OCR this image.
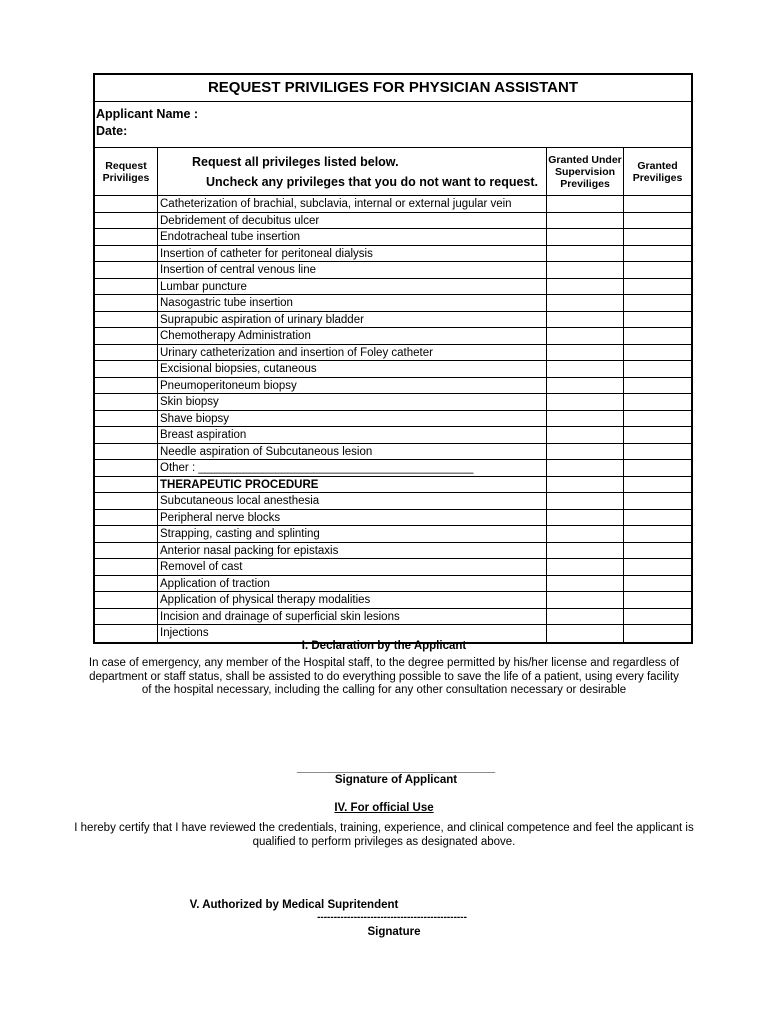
REQUEST PRIVILIGES FOR PHYSICIAN ASSISTANT
Applicant Name :
Date:
Request Priviliges
Request all privileges listed below.
Uncheck any privileges that you do not want to request.
Granted Under Supervision Previliges
Granted Previliges
Catheterization of brachial, subclavia, internal or external jugular vein
Debridement of decubitus ulcer
Endotracheal tube insertion
Insertion of catheter for peritoneal dialysis
Insertion of central venous line
Lumbar puncture
Nasogastric tube insertion
Suprapubic aspiration of urinary bladder
Chemotherapy Administration
Urinary catheterization and insertion of Foley catheter
Excisional biopsies, cutaneous
Pneumoperitoneum biopsy
Skin biopsy
Shave biopsy
Breast aspiration
Needle aspiration of Subcutaneous lesion
Other : ___________________________________________
THERAPEUTIC PROCEDURE
Subcutaneous local anesthesia
Peripheral nerve blocks
Strapping, casting and splinting
Anterior nasal packing for epistaxis
Removel of cast
Application of traction
Application of physical therapy modalities
Incision and drainage of superficial skin lesions
Injections
I. Declaration by the Applicant
In case of emergency, any member of the Hospital staff, to the degree permitted by his/her license and regardless of department or staff status, shall be assisted to do everything possible to save the life of a patient, using every facility of the hospital necessary, including the calling for any other consultation necessary or desirable
_______________________________
Signature of Applicant
IV. For official Use
I hereby certify that I have reviewed the credentials, training, experience, and clinical competence and feel the applicant is qualified to perform privileges as designated above.
V. Authorized by Medical Supritendent
---------------------------------------------
Signature
